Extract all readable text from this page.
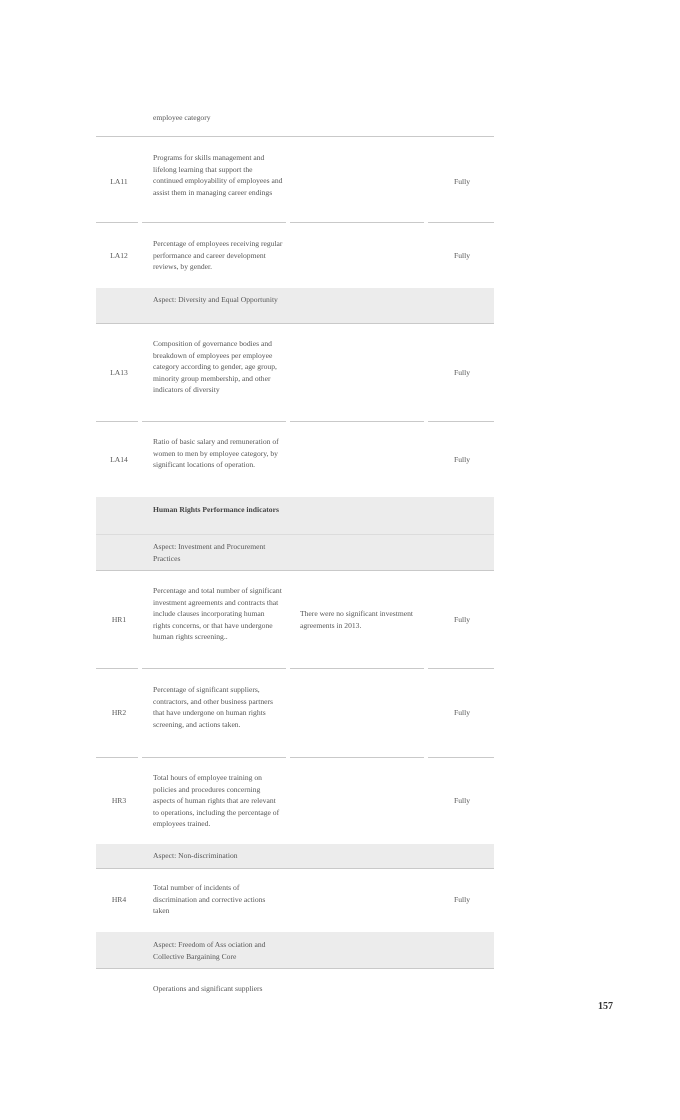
employee category
LA11
Programs for skills management and lifelong learning that support the continued employability of employees and assist them in managing career endings
Fully
LA12
Percentage of employees receiving regular performance and career development reviews, by gender.
Fully
Aspect: Diversity and Equal Opportunity
LA13
Composition of governance bodies and breakdown of employees per employee category according to gender, age group, minority group membership, and other indicators of diversity
Fully
LA14
Ratio of basic salary and remuneration of women to men by employee category, by significant locations of operation.
Fully
Human Rights Performance indicators
Aspect: Investment and Procurement Practices
HR1
Percentage and total number of significant investment agreements and contracts that include clauses incorporating human rights concerns, or that have undergone human rights screening..
There were no significant investment agreements in 2013.
Fully
HR2
Percentage of significant suppliers, contractors, and other business partners that have undergone on human rights screening, and actions taken.
Fully
HR3
Total hours of employee training on policies and procedures concerning aspects of human rights that are relevant to operations, including the percentage of employees trained.
Fully
Aspect: Non-discrimination
HR4
Total number of incidents of discrimination and corrective actions taken
Fully
Aspect: Freedom of Ass ociation and Collective Bargaining Core
Operations and significant suppliers
157
